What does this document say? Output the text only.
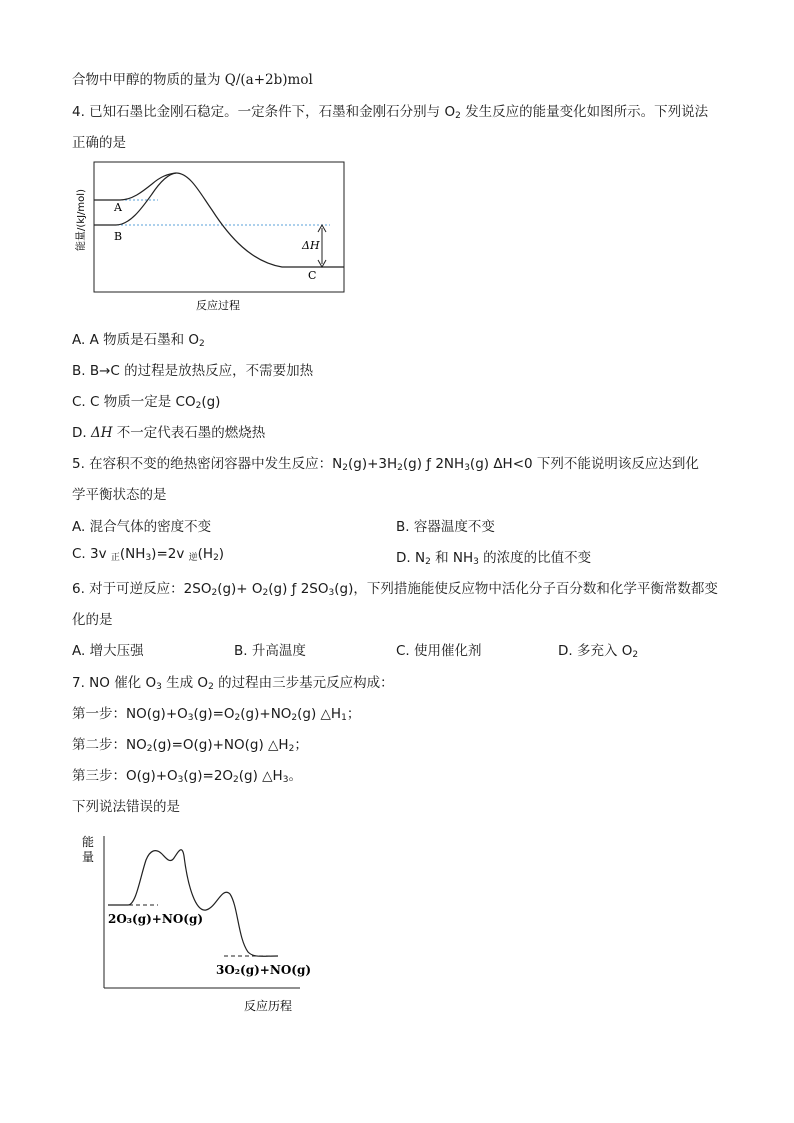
合物中甲醇的物质的量为 Q/(a+2b)mol
4. 已知石墨比金刚石稳定。一定条件下，石墨和金刚石分别与 $O_2$ 发生反应的能量变化如图所示。下列说法
正确的是
能量/(kJ/mol) A
B
C
ΔH
反应过程
A. A 物质是石墨和 $O_2$
B. B→C 的过程是放热反应，不需要加热
C. C 物质一定是 $CO_2(g)$
D. ΔH 不一定代表石墨的燃烧热
5. 在容积不变的绝热密闭容器中发生反应：$N_2(g)+3H_2(g)$ ƒ $2NH_3(g)$ ΔH<0 下列不能说明该反应达到化
学平衡状态的是
A. 混合气体的密度不变	B. 容器温度不变
C. 3v $_正(NH_3)=2v$ $_逆(H_2)$	D. $N_2$ 和 $NH_3$ 的浓度的比值不变
6. 对于可逆反应：$2SO_2(g)+ O_2(g)$ ƒ $2SO_3(g)$，下列措施能使反应物中活化分子百分数和化学平衡常数都变
化的是
A. 增大压强	B. 升高温度	C. 使用催化剂	D. 多充入 $O_2$
7. NO 催化 $O_3$ 生成 $O_2$ 的过程由三步基元反应构成：
第一步：$NO(g)+O_3(g)=O_2(g)+NO_2(g)$ $\triangle H_1$；
第二步：$NO_2(g)=O(g)+NO(g)$ $\triangle H_2$；
第三步：$O(g)+O_3(g)=2O_2(g)$ $\triangle H_3$。
下列说法错误的是
能
量
2O₃(g)+NO(g)
3O₂(g)+NO(g)
反应历程
